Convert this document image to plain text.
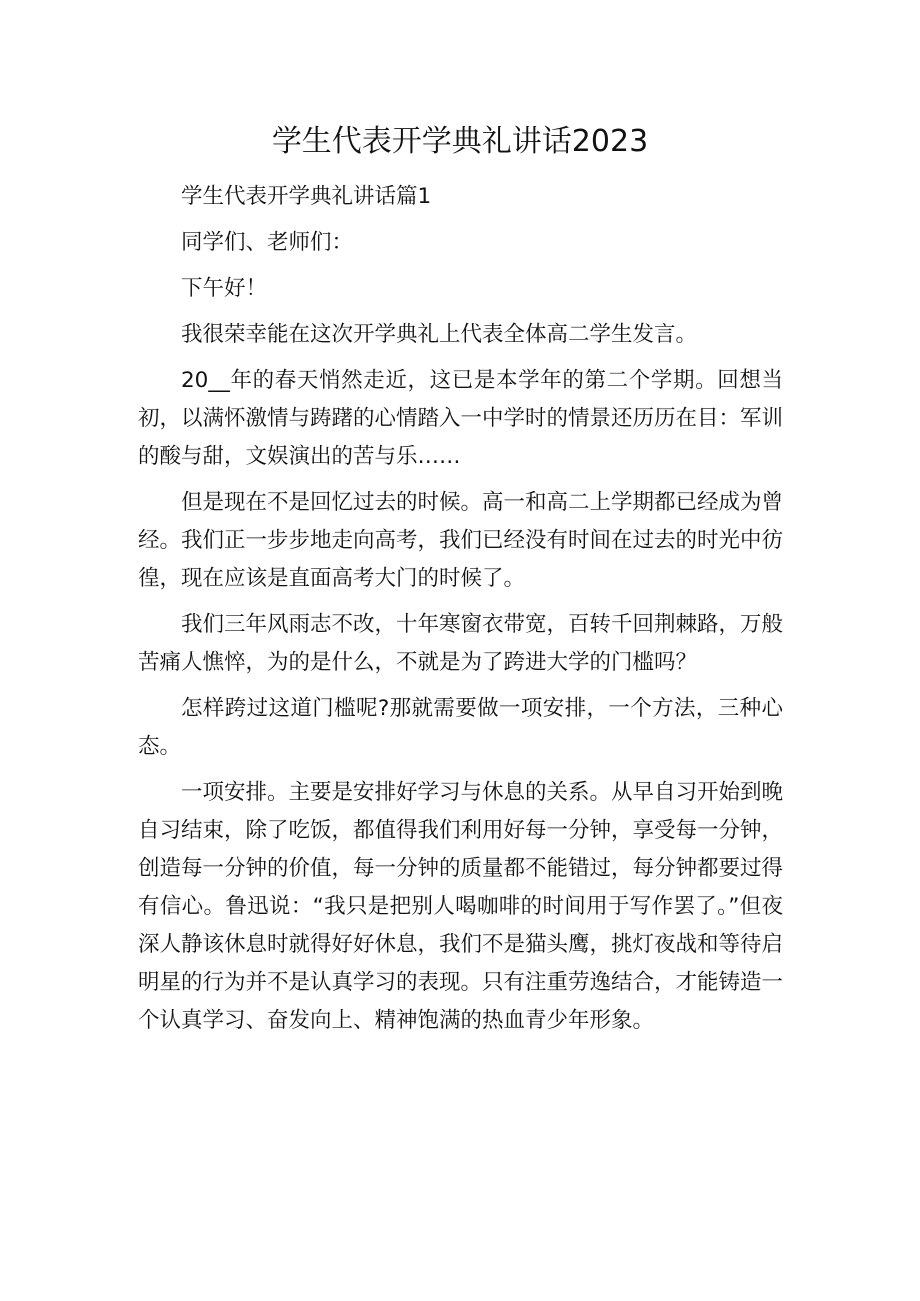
学生代表开学典礼讲话2023

学生代表开学典礼讲话篇1

同学们、老师们：

下午好！

我很荣幸能在这次开学典礼上代表全体高二学生发言。

20__年的春天悄然走近，这已是本学年的第二个学期。回想当初，以满怀激情与踌躇的心情踏入一中学时的情景还历历在目：军训的酸与甜，文娱演出的苦与乐……

但是现在不是回忆过去的时候。高一和高二上学期都已经成为曾经。我们正一步步地走向高考，我们已经没有时间在过去的时光中彷徨，现在应该是直面高考大门的时候了。

我们三年风雨志不改，十年寒窗衣带宽，百转千回荆棘路，万般苦痛人憔悴，为的是什么，不就是为了跨进大学的门槛吗？

怎样跨过这道门槛呢?那就需要做一项安排，一个方法，三种心态。

一项安排。主要是安排好学习与休息的关系。从早自习开始到晚自习结束，除了吃饭，都值得我们利用好每一分钟，享受每一分钟，创造每一分钟的价值，每一分钟的质量都不能错过，每分钟都要过得有信心。鲁迅说：“我只是把别人喝咖啡的时间用于写作罢了。”但夜深人静该休息时就得好好休息，我们不是猫头鹰，挑灯夜战和等待启明星的行为并不是认真学习的表现。只有注重劳逸结合，才能铸造一个认真学习、奋发向上、精神饱满的热血青少年形象。
